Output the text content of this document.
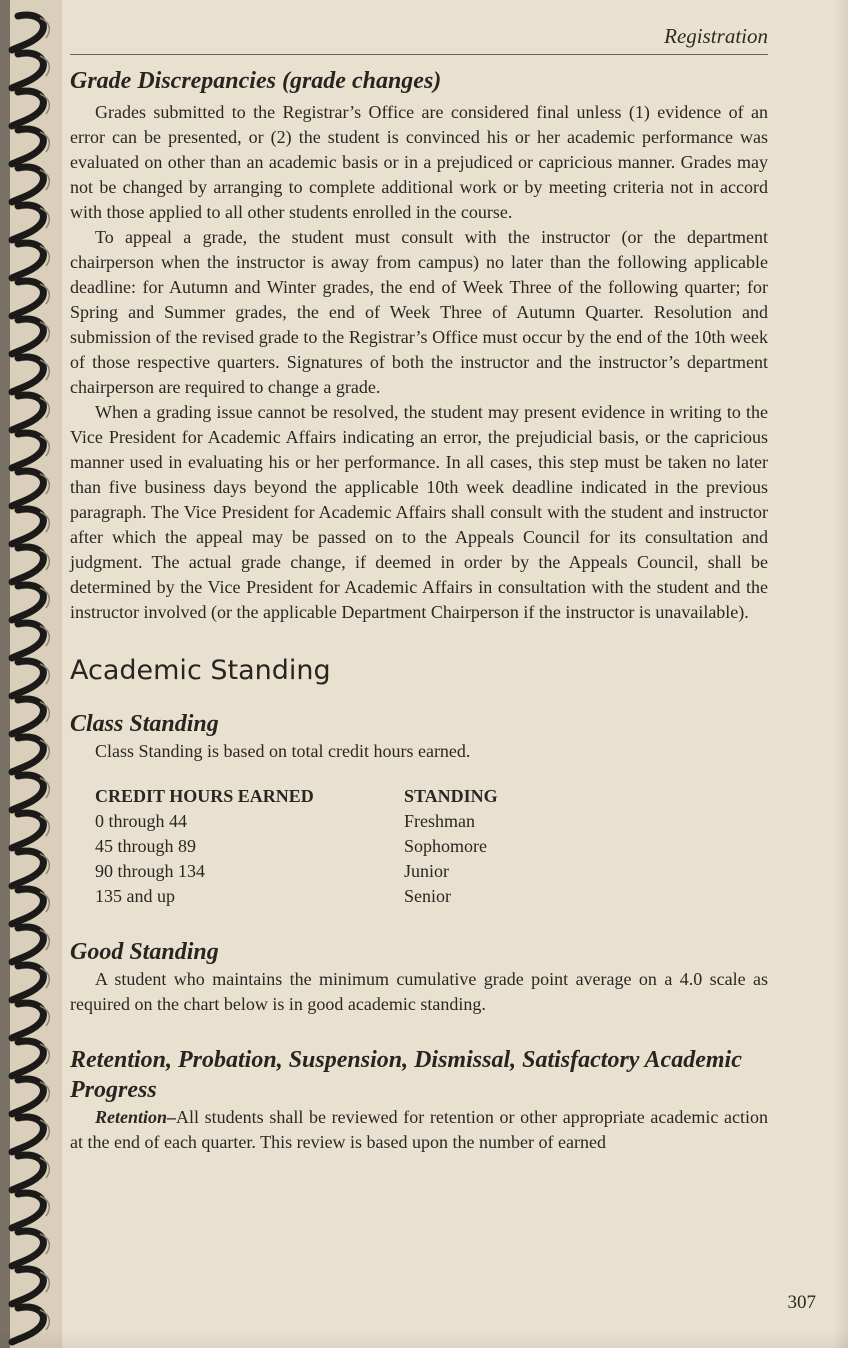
Registration
Grade Discrepancies (grade changes)

Grades submitted to the Registrar’s Office are considered final unless (1) evidence of an error can be presented, or (2) the student is convinced his or her academic performance was evaluated on other than an academic basis or in a prejudiced or capricious manner. Grades may not be changed by arranging to complete additional work or by meeting criteria not in accord with those applied to all other students enrolled in the course.

To appeal a grade, the student must consult with the instructor (or the department chairperson when the instructor is away from campus) no later than the following applicable deadline: for Autumn and Winter grades, the end of Week Three of the following quarter; for Spring and Summer grades, the end of Week Three of Autumn Quarter. Resolution and submission of the revised grade to the Registrar’s Office must occur by the end of the 10th week of those respective quarters. Signatures of both the instructor and the instructor’s department chairperson are required to change a grade.

When a grading issue cannot be resolved, the student may present evidence in writing to the Vice President for Academic Affairs indicating an error, the prejudicial basis, or the capricious manner used in evaluating his or her performance. In all cases, this step must be taken no later than five business days beyond the applicable 10th week deadline indicated in the previous paragraph. The Vice President for Academic Affairs shall consult with the student and instructor after which the appeal may be passed on to the Appeals Council for its consultation and judgment. The actual grade change, if deemed in order by the Appeals Council, shall be determined by the Vice President for Academic Affairs in consultation with the student and the instructor involved (or the applicable Department Chairperson if the instructor is unavailable).

Academic Standing
Class Standing

Class Standing is based on total credit hours earned.

CREDIT HOURS EARNED	STANDING
0 through 44	Freshman
45 through 89	Sophomore
90 through 134	Junior
135 and up	Senior
Good Standing

A student who maintains the minimum cumulative grade point average on a 4.0 scale as required on the chart below is in good academic standing.

Retention, Probation, Suspension, Dismissal, Satisfactory Academic Progress

Retention–All students shall be reviewed for retention or other appropriate academic action at the end of each quarter. This review is based upon the number of earned

307
